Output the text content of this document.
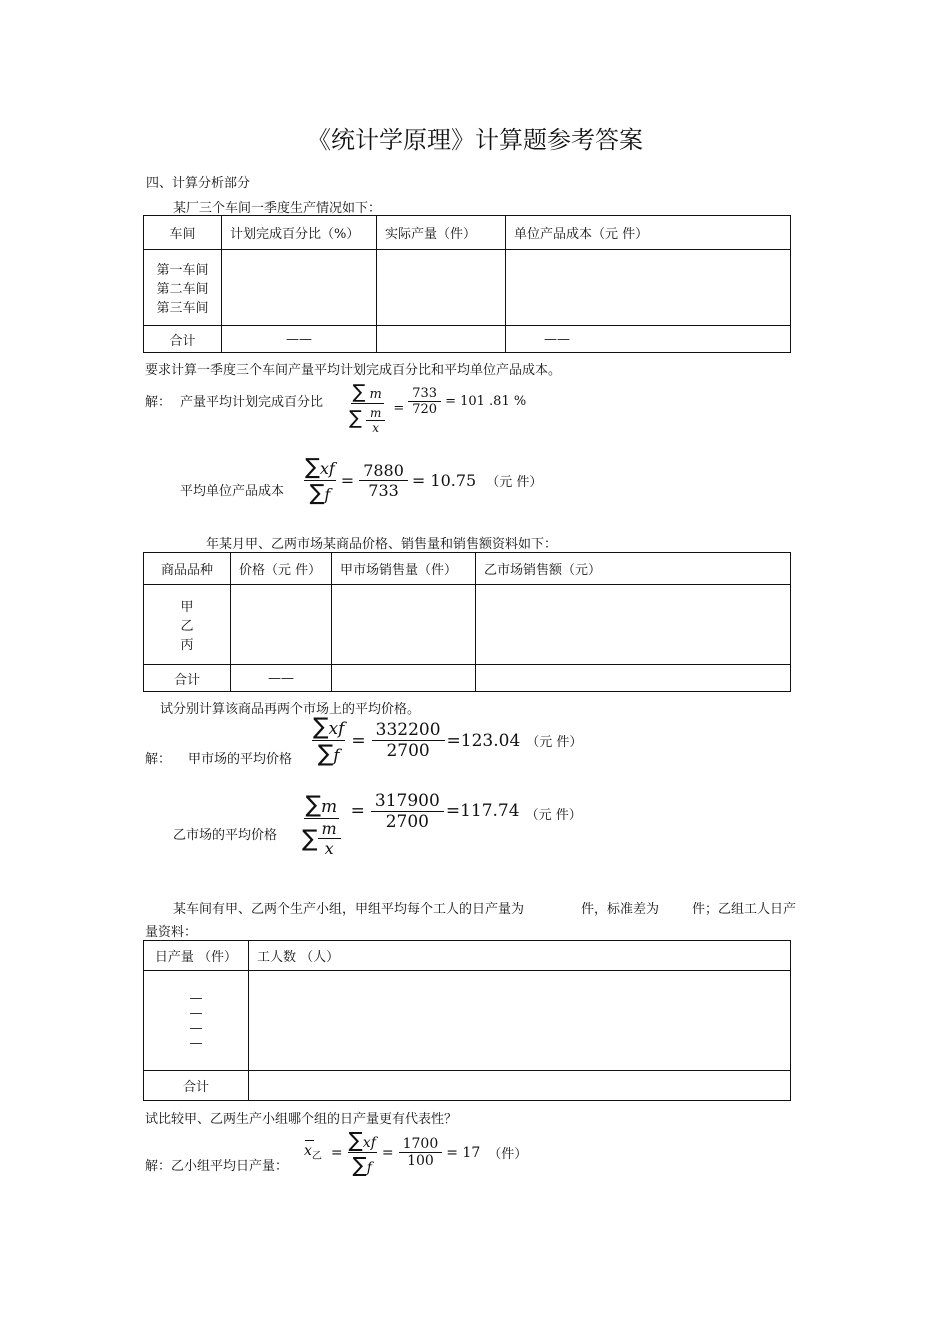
《统计学原理》计算题参考答案
四、计算分析部分
某厂三个车间一季度生产情况如下：
车间	计划完成百分比（%）	实际产量（件）	单位产品成本（元 件）

第一车间
第二车间
第三车间			

合计	——		——
要求计算一季度三个车间产量平均计划完成百分比和平均单位产品成本。
解： 产量平均计划完成百分比 $\frac{\sum m}{\sum \frac{m}{x}} = \frac{733}{720} = 101$ .81 %
平均单位产品成本 $\frac{\sum xf}{\sum f} = \frac{7880}{733} = 10.75$ （元 件）
年某月甲、乙两市场某商品价格、销售量和销售额资料如下：
商品品种	价格（元 件）	甲市场销售量（件）	乙市场销售额（元）

甲
乙
丙			

合计	——		
试分别计算该商品再两个市场上的平均价格。
解： 甲市场的平均价格 $\frac{\sum xf}{\sum f} = \frac{332200}{2700} =123.04$ （元 件）
乙市场的平均价格 $\frac{\sum m}{\sum \frac{m}{x}} = \frac{317900}{2700} =117.74$ （元 件）
某车间有甲、乙两个生产小组，甲组平均每个工人的日产量为	件，标准差为	件；乙组工人日产
量资料：
日产量 （件）	工人数 （人）

—
—
—
—	

合计	
试比较甲、乙两生产小组哪个组的日产量更有代表性？
解：乙小组平均日产量：
$x_乙 = \frac{\sum xf}{\sum f} = \frac{1700}{100} = 17$ （件）
